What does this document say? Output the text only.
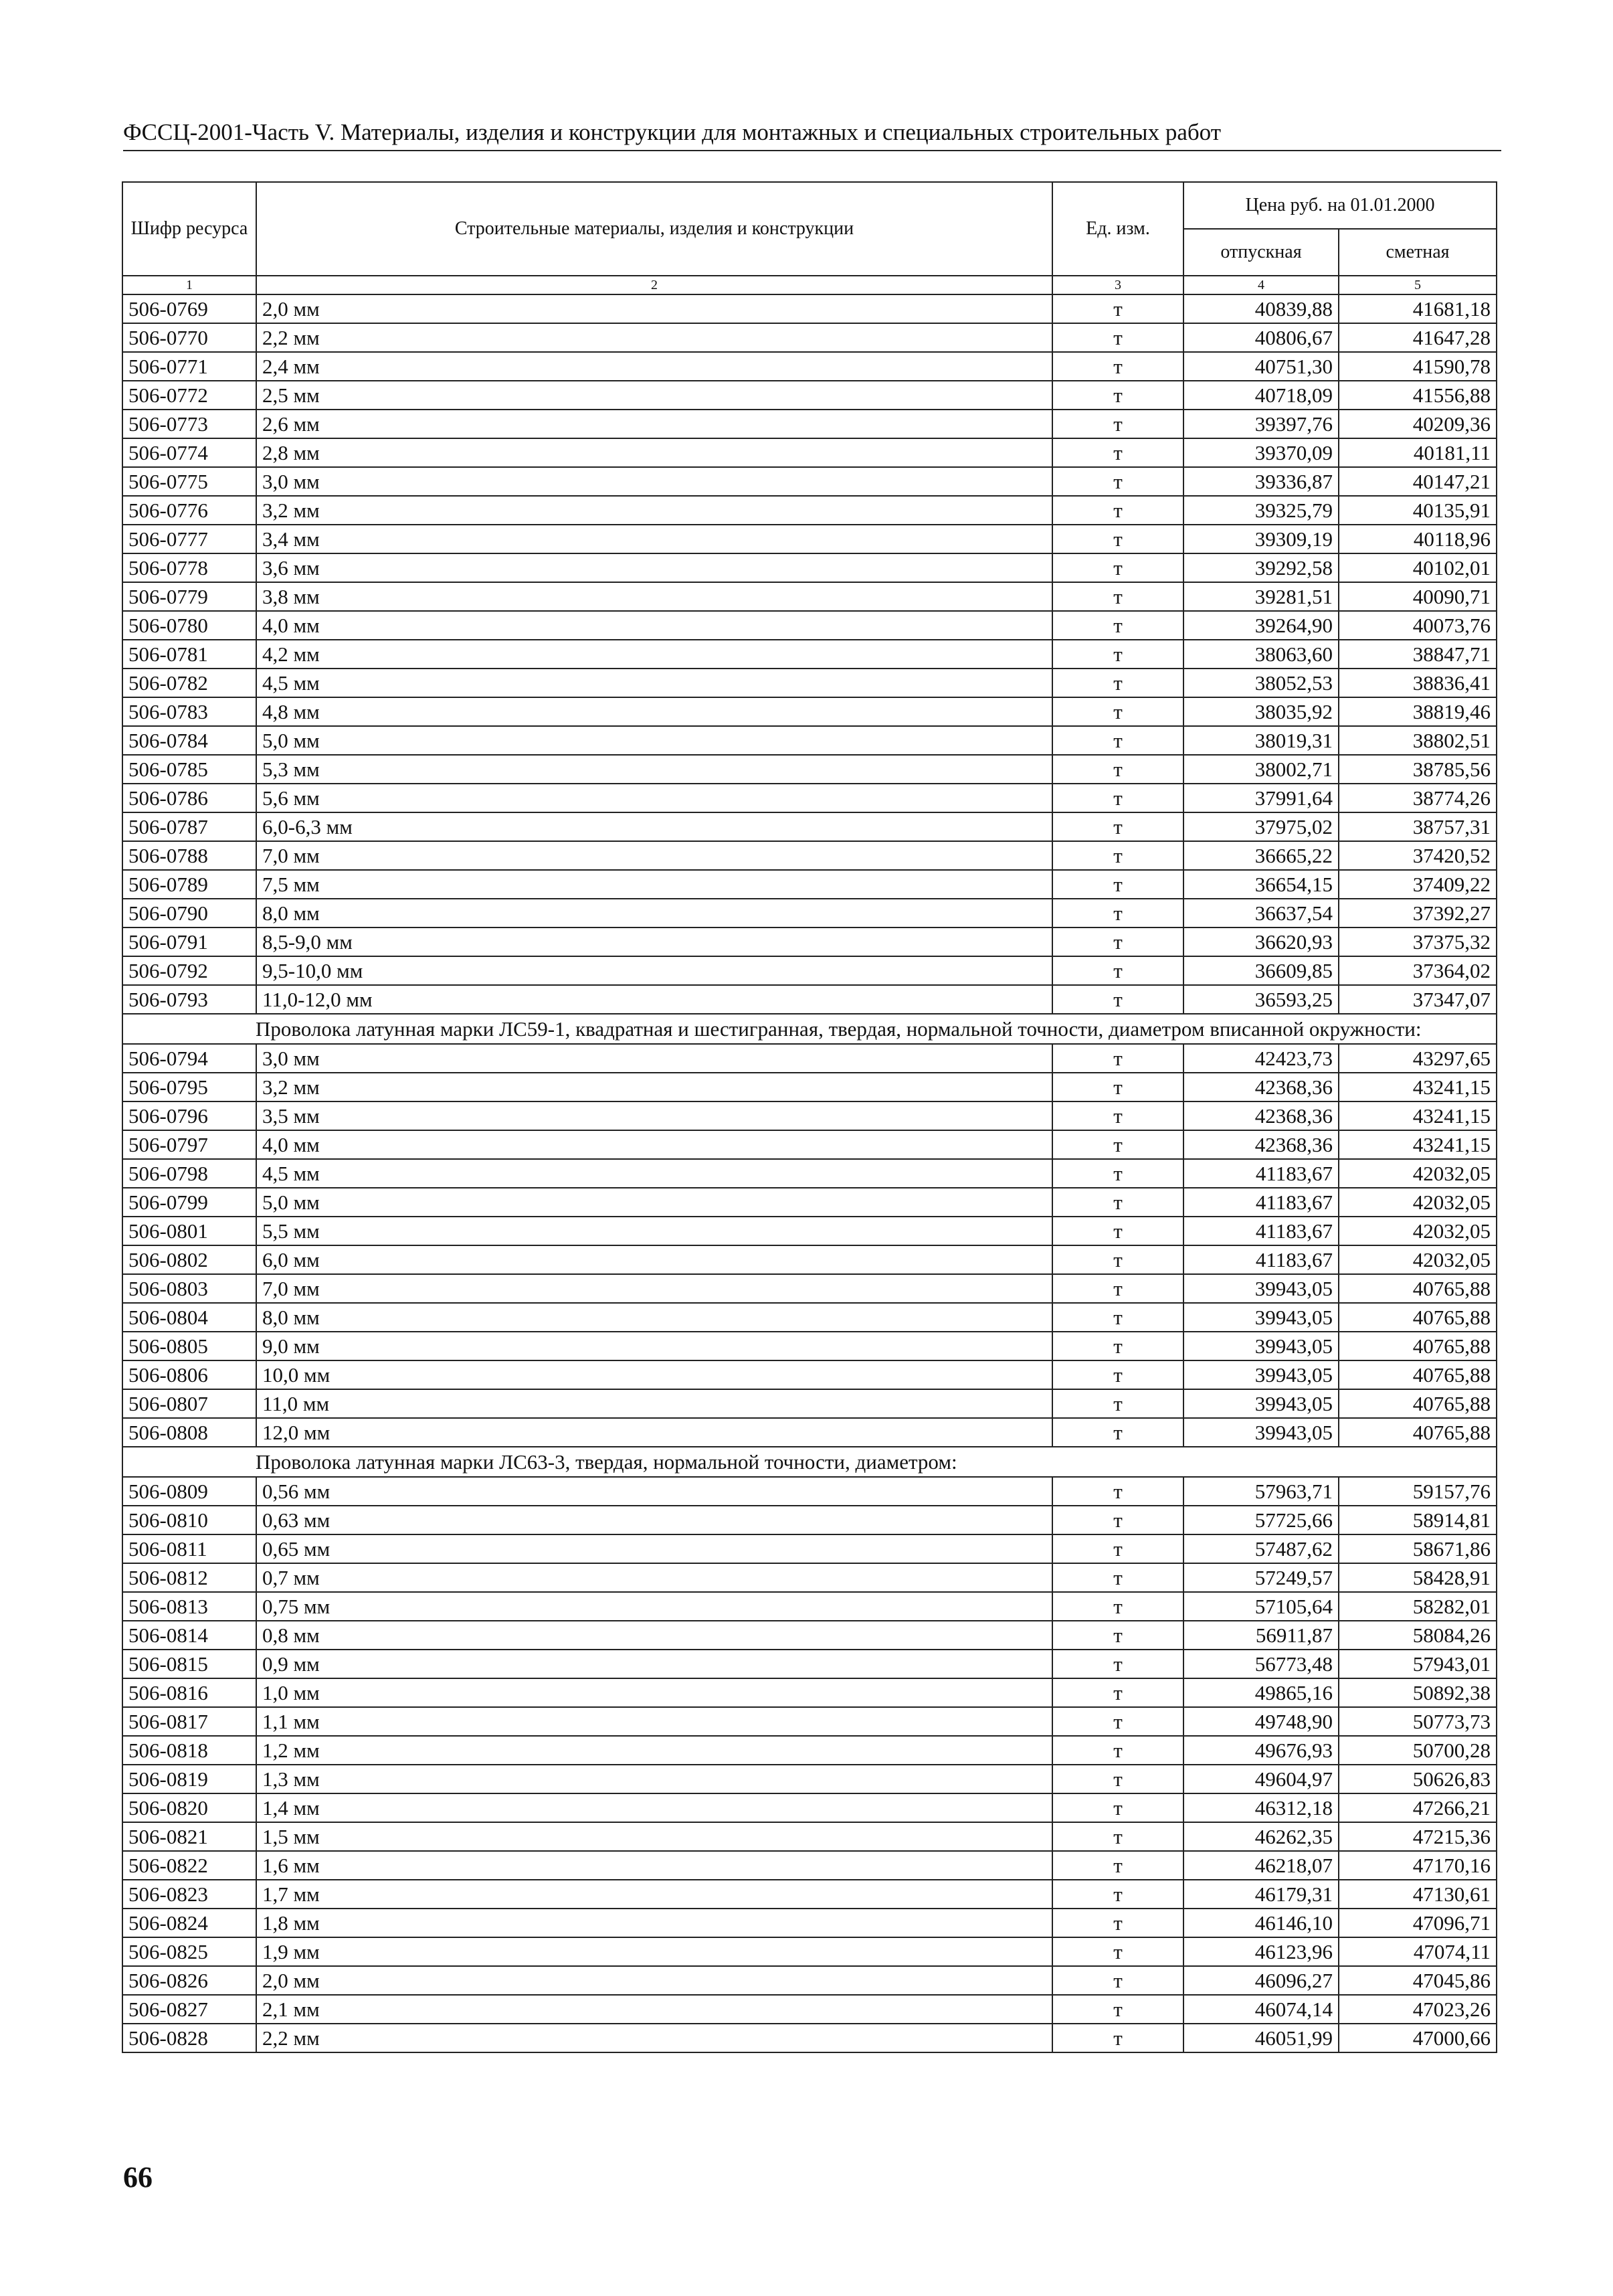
ФССЦ-2001-Часть V. Материалы, изделия и конструкции для монтажных и специальных строительных работ
Шифр ресурса	Строительные материалы, изделия и конструкции	Ед. изм.	Цена руб. на 01.01.2000	
			отпускная	сметная
1	2	3	4	5
506-0769	2,0 мм	т	40839,88	41681,18
506-0770	2,2 мм	т	40806,67	41647,28
506-0771	2,4 мм	т	40751,30	41590,78
506-0772	2,5 мм	т	40718,09	41556,88
506-0773	2,6 мм	т	39397,76	40209,36
506-0774	2,8 мм	т	39370,09	40181,11
506-0775	3,0 мм	т	39336,87	40147,21
506-0776	3,2 мм	т	39325,79	40135,91
506-0777	3,4 мм	т	39309,19	40118,96
506-0778	3,6 мм	т	39292,58	40102,01
506-0779	3,8 мм	т	39281,51	40090,71
506-0780	4,0 мм	т	39264,90	40073,76
506-0781	4,2 мм	т	38063,60	38847,71
506-0782	4,5 мм	т	38052,53	38836,41
506-0783	4,8 мм	т	38035,92	38819,46
506-0784	5,0 мм	т	38019,31	38802,51
506-0785	5,3 мм	т	38002,71	38785,56
506-0786	5,6 мм	т	37991,64	38774,26
506-0787	6,0-6,3 мм	т	37975,02	38757,31
506-0788	7,0 мм	т	36665,22	37420,52
506-0789	7,5 мм	т	36654,15	37409,22
506-0790	8,0 мм	т	36637,54	37392,27
506-0791	8,5-9,0 мм	т	36620,93	37375,32
506-0792	9,5-10,0 мм	т	36609,85	37364,02
506-0793	11,0-12,0 мм	т	36593,25	37347,07
Проволока латунная марки ЛС59-1, квадратная и шестигранная, твердая, нормальной точности, диаметром вписанной окружности:				
506-0794	3,0 мм	т	42423,73	43297,65
506-0795	3,2 мм	т	42368,36	43241,15
506-0796	3,5 мм	т	42368,36	43241,15
506-0797	4,0 мм	т	42368,36	43241,15
506-0798	4,5 мм	т	41183,67	42032,05
506-0799	5,0 мм	т	41183,67	42032,05
506-0801	5,5 мм	т	41183,67	42032,05
506-0802	6,0 мм	т	41183,67	42032,05
506-0803	7,0 мм	т	39943,05	40765,88
506-0804	8,0 мм	т	39943,05	40765,88
506-0805	9,0 мм	т	39943,05	40765,88
506-0806	10,0 мм	т	39943,05	40765,88
506-0807	11,0 мм	т	39943,05	40765,88
506-0808	12,0 мм	т	39943,05	40765,88
Проволока латунная марки ЛС63-3, твердая, нормальной точности, диаметром:				
506-0809	0,56 мм	т	57963,71	59157,76
506-0810	0,63 мм	т	57725,66	58914,81
506-0811	0,65 мм	т	57487,62	58671,86
506-0812	0,7 мм	т	57249,57	58428,91
506-0813	0,75 мм	т	57105,64	58282,01
506-0814	0,8 мм	т	56911,87	58084,26
506-0815	0,9 мм	т	56773,48	57943,01
506-0816	1,0 мм	т	49865,16	50892,38
506-0817	1,1 мм	т	49748,90	50773,73
506-0818	1,2 мм	т	49676,93	50700,28
506-0819	1,3 мм	т	49604,97	50626,83
506-0820	1,4 мм	т	46312,18	47266,21
506-0821	1,5 мм	т	46262,35	47215,36
506-0822	1,6 мм	т	46218,07	47170,16
506-0823	1,7 мм	т	46179,31	47130,61
506-0824	1,8 мм	т	46146,10	47096,71
506-0825	1,9 мм	т	46123,96	47074,11
506-0826	2,0 мм	т	46096,27	47045,86
506-0827	2,1 мм	т	46074,14	47023,26
506-0828	2,2 мм	т	46051,99	47000,66
66
